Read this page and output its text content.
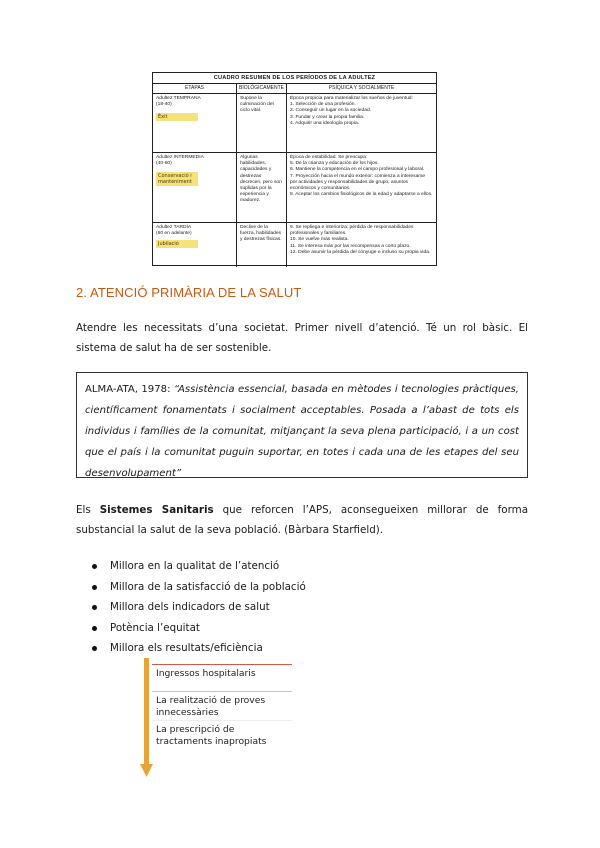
CUADRO RESUMEN DE LOS PERÍODOS DE LA ADULTEZ
ETAPAS	BIOLÓGICAMENTE	PSÍQUICA Y SOCIALMENTE
Adultez TEMPRANA
(18-40)
Èxit
Supone la culminación del ciclo vital.
Época propicia para materializar los sueños de juventud:
1. Selección de una profesión.
2. Conseguir un lugar en la sociedad.
3. Fundar y crear la propia familia.
4. Adquirir una ideología propia.
Adultez INTERMEDIA
(40-60)
Conservació i manteniment
Algunas habilidades, capacidades y destrezas decrecen, pero son suplidas por la experiencia y madurez.
Época de estabilidad. Se preocupa:
5. De la crianza y educación de los hijos.
6. Mantiene la competencia en el campo profesional y laboral.
7. Proyección hacia el mundo exterior: comienza a interesarse por actividades y responsabilidades de grupo, asuntos económicos y comunitarios.
8. Aceptar los cambios fisiológicos de la edad y adaptarse a ellos.
Adultez TARDÍA
(60 en adelante)
Jubilació
Declive de la fuerza, habilidades y destrezas físicas.
9. Se repliega e interioriza: pérdida de responsabilidades profesionales y familiares.
10. Se vuelve más realista.
11. Se interesa más por las recompensas a corto plazo.
12. Debe asumir la pérdida del cónyuge e incluso su propia vida.
2. ATENCIÓ PRIMÀRIA DE LA SALUT
Atendre les necessitats d’una societat. Primer nivell d’atenció. Té un rol bàsic. El sistema de salut ha de ser sostenible.
ALMA-ATA, 1978: “Assistència essencial, basada en mètodes i tecnologies pràctiques, científicament fonamentats i socialment acceptables. Posada a l’abast de tots els individus i famílies de la comunitat, mitjançant la seva plena participació, i a un cost que el país i la comunitat puguin suportar, en totes i cada una de les etapes del seu desenvolupament”
Els Sistemes Sanitaris que reforcen l’APS, aconsegueixen millorar de forma substancial la salut de la seva població. (Bàrbara Starfield).
Millora en la qualitat de l’atenció
Millora de la satisfacció de la població
Millora dels indicadors de salut
Potència l’equitat
Millora els resultats/eficiència
Ingressos hospitalaris
La realització de proves innecessàries
La prescripció de tractaments inapropiats
